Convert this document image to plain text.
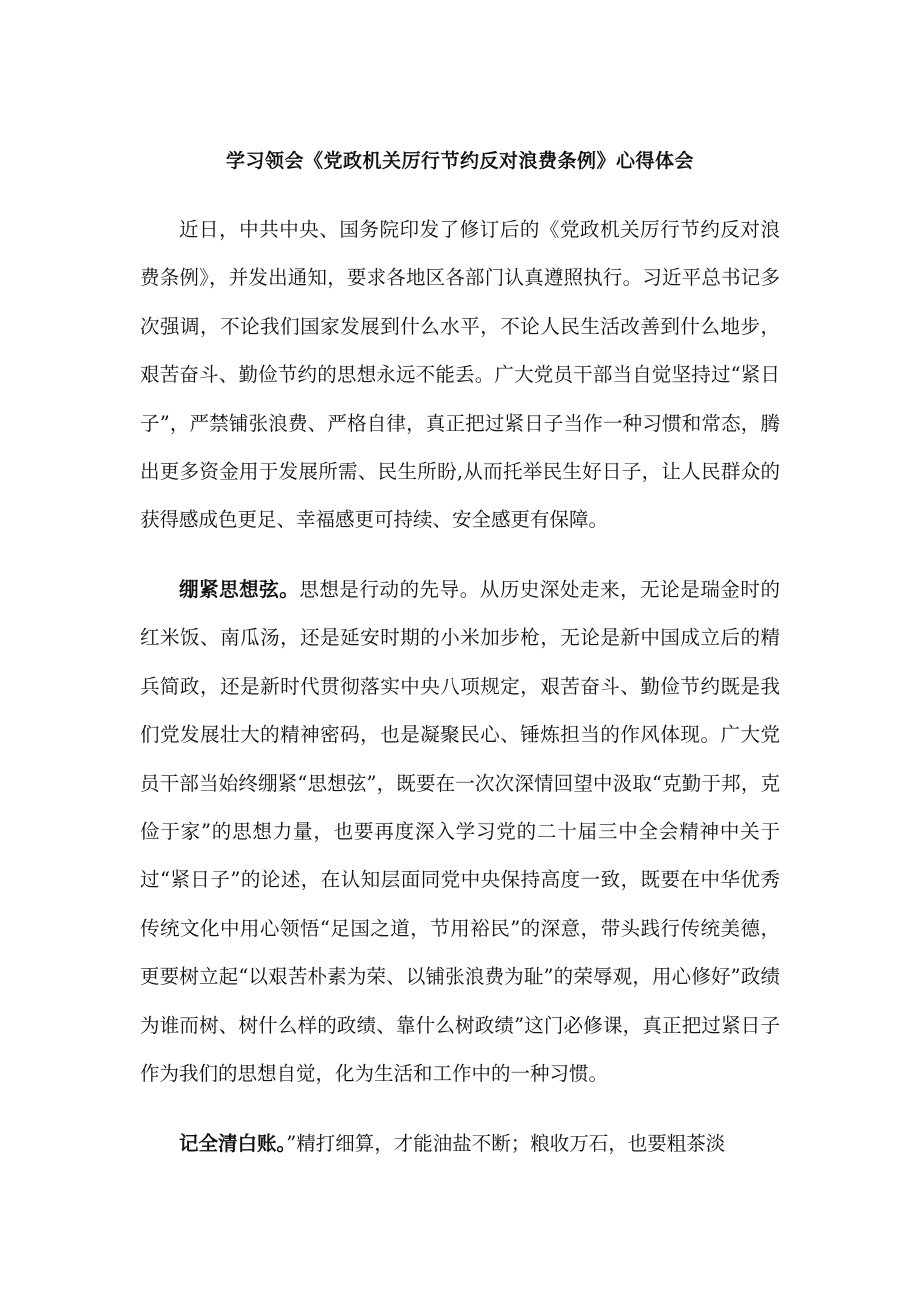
学习领会《党政机关厉行节约反对浪费条例》心得体会

近日，中共中央、国务院印发了修订后的《党政机关厉行节约反对浪费条例》，并发出通知，要求各地区各部门认真遵照执行。习近平总书记多次强调，不论我们国家发展到什么水平，不论人民生活改善到什么地步，艰苦奋斗、勤俭节约的思想永远不能丢。广大党员干部当自觉坚持过“紧日子”，严禁铺张浪费、严格自律，真正把过紧日子当作一种习惯和常态，腾出更多资金用于发展所需、民生所盼,从而托举民生好日子，让人民群众的获得感成色更足、幸福感更可持续、安全感更有保障。

绷紧思想弦。思想是行动的先导。从历史深处走来，无论是瑞金时的红米饭、南瓜汤，还是延安时期的小米加步枪，无论是新中国成立后的精兵简政，还是新时代贯彻落实中央八项规定，艰苦奋斗、勤俭节约既是我们党发展壮大的精神密码，也是凝聚民心、锤炼担当的作风体现。广大党员干部当始终绷紧“思想弦”，既要在一次次深情回望中汲取“克勤于邦，克俭于家”的思想力量，也要再度深入学习党的二十届三中全会精神中关于过“紧日子”的论述，在认知层面同党中央保持高度一致，既要在中华优秀传统文化中用心领悟“足国之道，节用裕民”的深意，带头践行传统美德，更要树立起“以艰苦朴素为荣、以铺张浪费为耻”的荣辱观，用心修好”政绩为谁而树、树什么样的政绩、靠什么树政绩”这门必修课，真正把过紧日子作为我们的思想自觉，化为生活和工作中的一种习惯。

记全清白账。”精打细算，才能油盐不断；粮收万石，也要粗茶淡
